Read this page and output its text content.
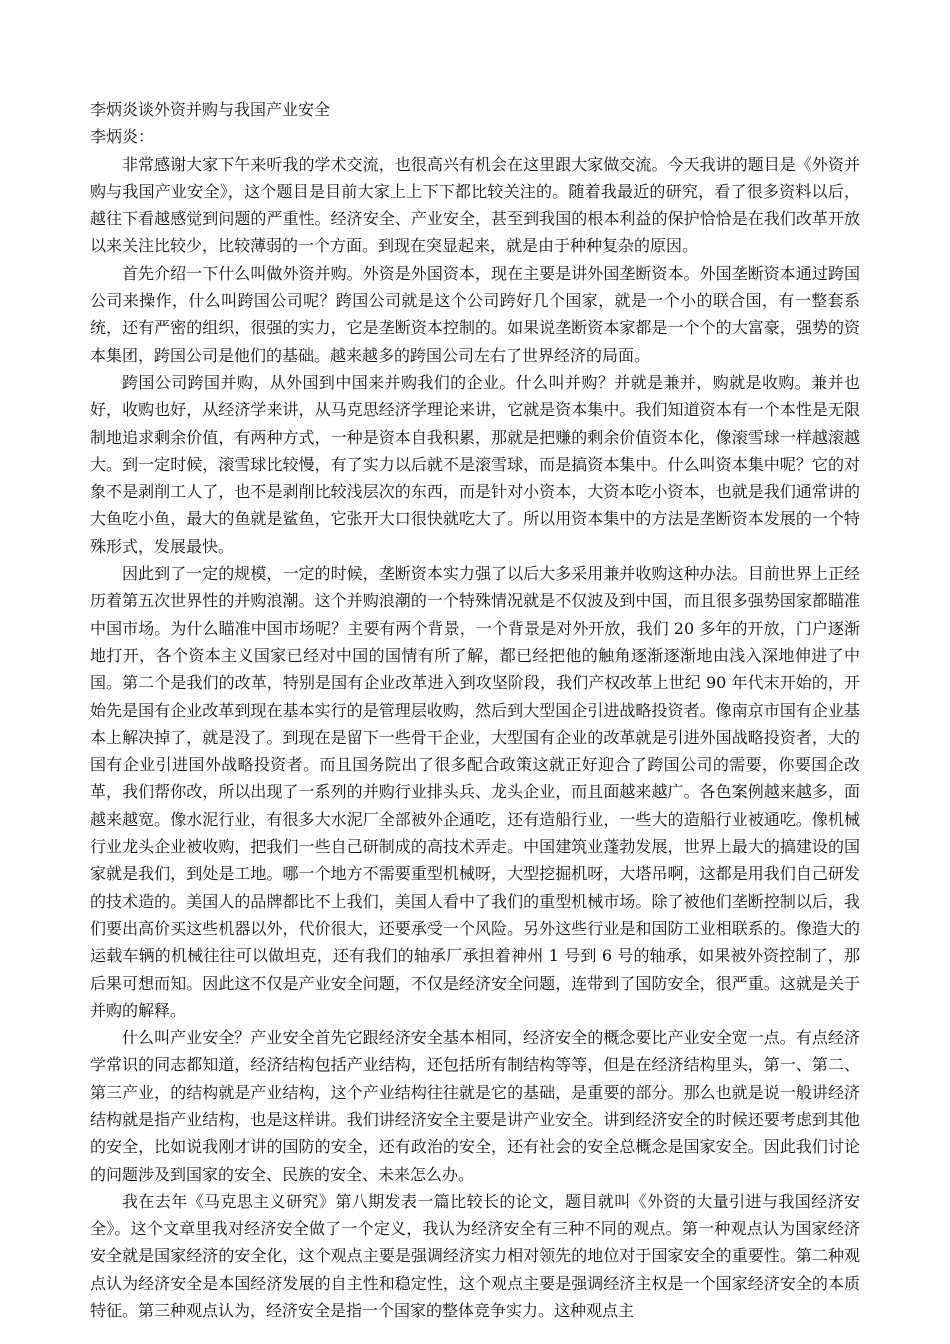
李炳炎谈外资并购与我国产业安全

李炳炎：

非常感谢大家下午来听我的学术交流，也很高兴有机会在这里跟大家做交流。今天我讲的题目是《外资并购与我国产业安全》，这个题目是目前大家上上下下都比较关注的。随着我最近的研究，看了很多资料以后，越往下看越感觉到问题的严重性。经济安全、产业安全，甚至到我国的根本利益的保护恰恰是在我们改革开放以来关注比较少，比较薄弱的一个方面。到现在突显起来，就是由于种种复杂的原因。

首先介绍一下什么叫做外资并购。外资是外国资本，现在主要是讲外国垄断资本。外国垄断资本通过跨国公司来操作，什么叫跨国公司呢？跨国公司就是这个公司跨好几个国家，就是一个小的联合国，有一整套系统，还有严密的组织，很强的实力，它是垄断资本控制的。如果说垄断资本家都是一个个的大富豪，强势的资本集团，跨国公司是他们的基础。越来越多的跨国公司左右了世界经济的局面。

跨国公司跨国并购，从外国到中国来并购我们的企业。什么叫并购？并就是兼并，购就是收购。兼并也好，收购也好，从经济学来讲，从马克思经济学理论来讲，它就是资本集中。我们知道资本有一个本性是无限制地追求剩余价值，有两种方式，一种是资本自我积累，那就是把赚的剩余价值资本化，像滚雪球一样越滚越大。到一定时候，滚雪球比较慢，有了实力以后就不是滚雪球，而是搞资本集中。什么叫资本集中呢？它的对象不是剥削工人了，也不是剥削比较浅层次的东西，而是针对小资本，大资本吃小资本，也就是我们通常讲的大鱼吃小鱼，最大的鱼就是鲨鱼，它张开大口很快就吃大了。所以用资本集中的方法是垄断资本发展的一个特殊形式，发展最快。

因此到了一定的规模，一定的时候，垄断资本实力强了以后大多采用兼并收购这种办法。目前世界上正经历着第五次世界性的并购浪潮。这个并购浪潮的一个特殊情况就是不仅波及到中国，而且很多强势国家都瞄准中国市场。为什么瞄准中国市场呢？主要有两个背景，一个背景是对外开放，我们 20 多年的开放，门户逐渐地打开，各个资本主义国家已经对中国的国情有所了解，都已经把他的触角逐渐逐渐地由浅入深地伸进了中国。第二个是我们的改革，特别是国有企业改革进入到攻坚阶段，我们产权改革上世纪 90 年代末开始的，开始先是国有企业改革到现在基本实行的是管理层收购，然后到大型国企引进战略投资者。像南京市国有企业基本上解决掉了，就是没了。到现在是留下一些骨干企业，大型国有企业的改革就是引进外国战略投资者，大的国有企业引进国外战略投资者。而且国务院出了很多配合政策这就正好迎合了跨国公司的需要，你要国企改革，我们帮你改，所以出现了一系列的并购行业排头兵、龙头企业，而且面越来越广。各色案例越来越多，面越来越宽。像水泥行业，有很多大水泥厂全部被外企通吃，还有造船行业，一些大的造船行业被通吃。像机械行业龙头企业被收购，把我们一些自己研制成的高技术弄走。中国建筑业蓬勃发展，世界上最大的搞建设的国家就是我们，到处是工地。哪一个地方不需要重型机械呀，大型挖掘机呀，大塔吊啊，这都是用我们自己研发的技术造的。美国人的品牌都比不上我们，美国人看中了我们的重型机械市场。除了被他们垄断控制以后，我们要出高价买这些机器以外，代价很大，还要承受一个风险。另外这些行业是和国防工业相联系的。像造大的运载车辆的机械往往可以做坦克，还有我们的轴承厂承担着神州 1 号到 6 号的轴承，如果被外资控制了，那后果可想而知。因此这不仅是产业安全问题，不仅是经济安全问题，连带到了国防安全，很严重。这就是关于并购的解释。

什么叫产业安全？产业安全首先它跟经济安全基本相同，经济安全的概念要比产业安全宽一点。有点经济学常识的同志都知道，经济结构包括产业结构，还包括所有制结构等等，但是在经济结构里头，第一、第二、第三产业，的结构就是产业结构，这个产业结构往往就是它的基础，是重要的部分。那么也就是说一般讲经济结构就是指产业结构，也是这样讲。我们讲经济安全主要是讲产业安全。讲到经济安全的时候还要考虑到其他的安全，比如说我刚才讲的国防的安全，还有政治的安全，还有社会的安全总概念是国家安全。因此我们讨论的问题涉及到国家的安全、民族的安全、未来怎么办。

我在去年《马克思主义研究》第八期发表一篇比较长的论文，题目就叫《外资的大量引进与我国经济安全》。这个文章里我对经济安全做了一个定义，我认为经济安全有三种不同的观点。第一种观点认为国家经济安全就是国家经济的安全化，这个观点主要是强调经济实力相对领先的地位对于国家安全的重要性。第二种观点认为经济安全是本国经济发展的自主性和稳定性，这个观点主要是强调经济主权是一个国家经济安全的本质特征。第三种观点认为，经济安全是指一个国家的整体竞争实力。这种观点主
